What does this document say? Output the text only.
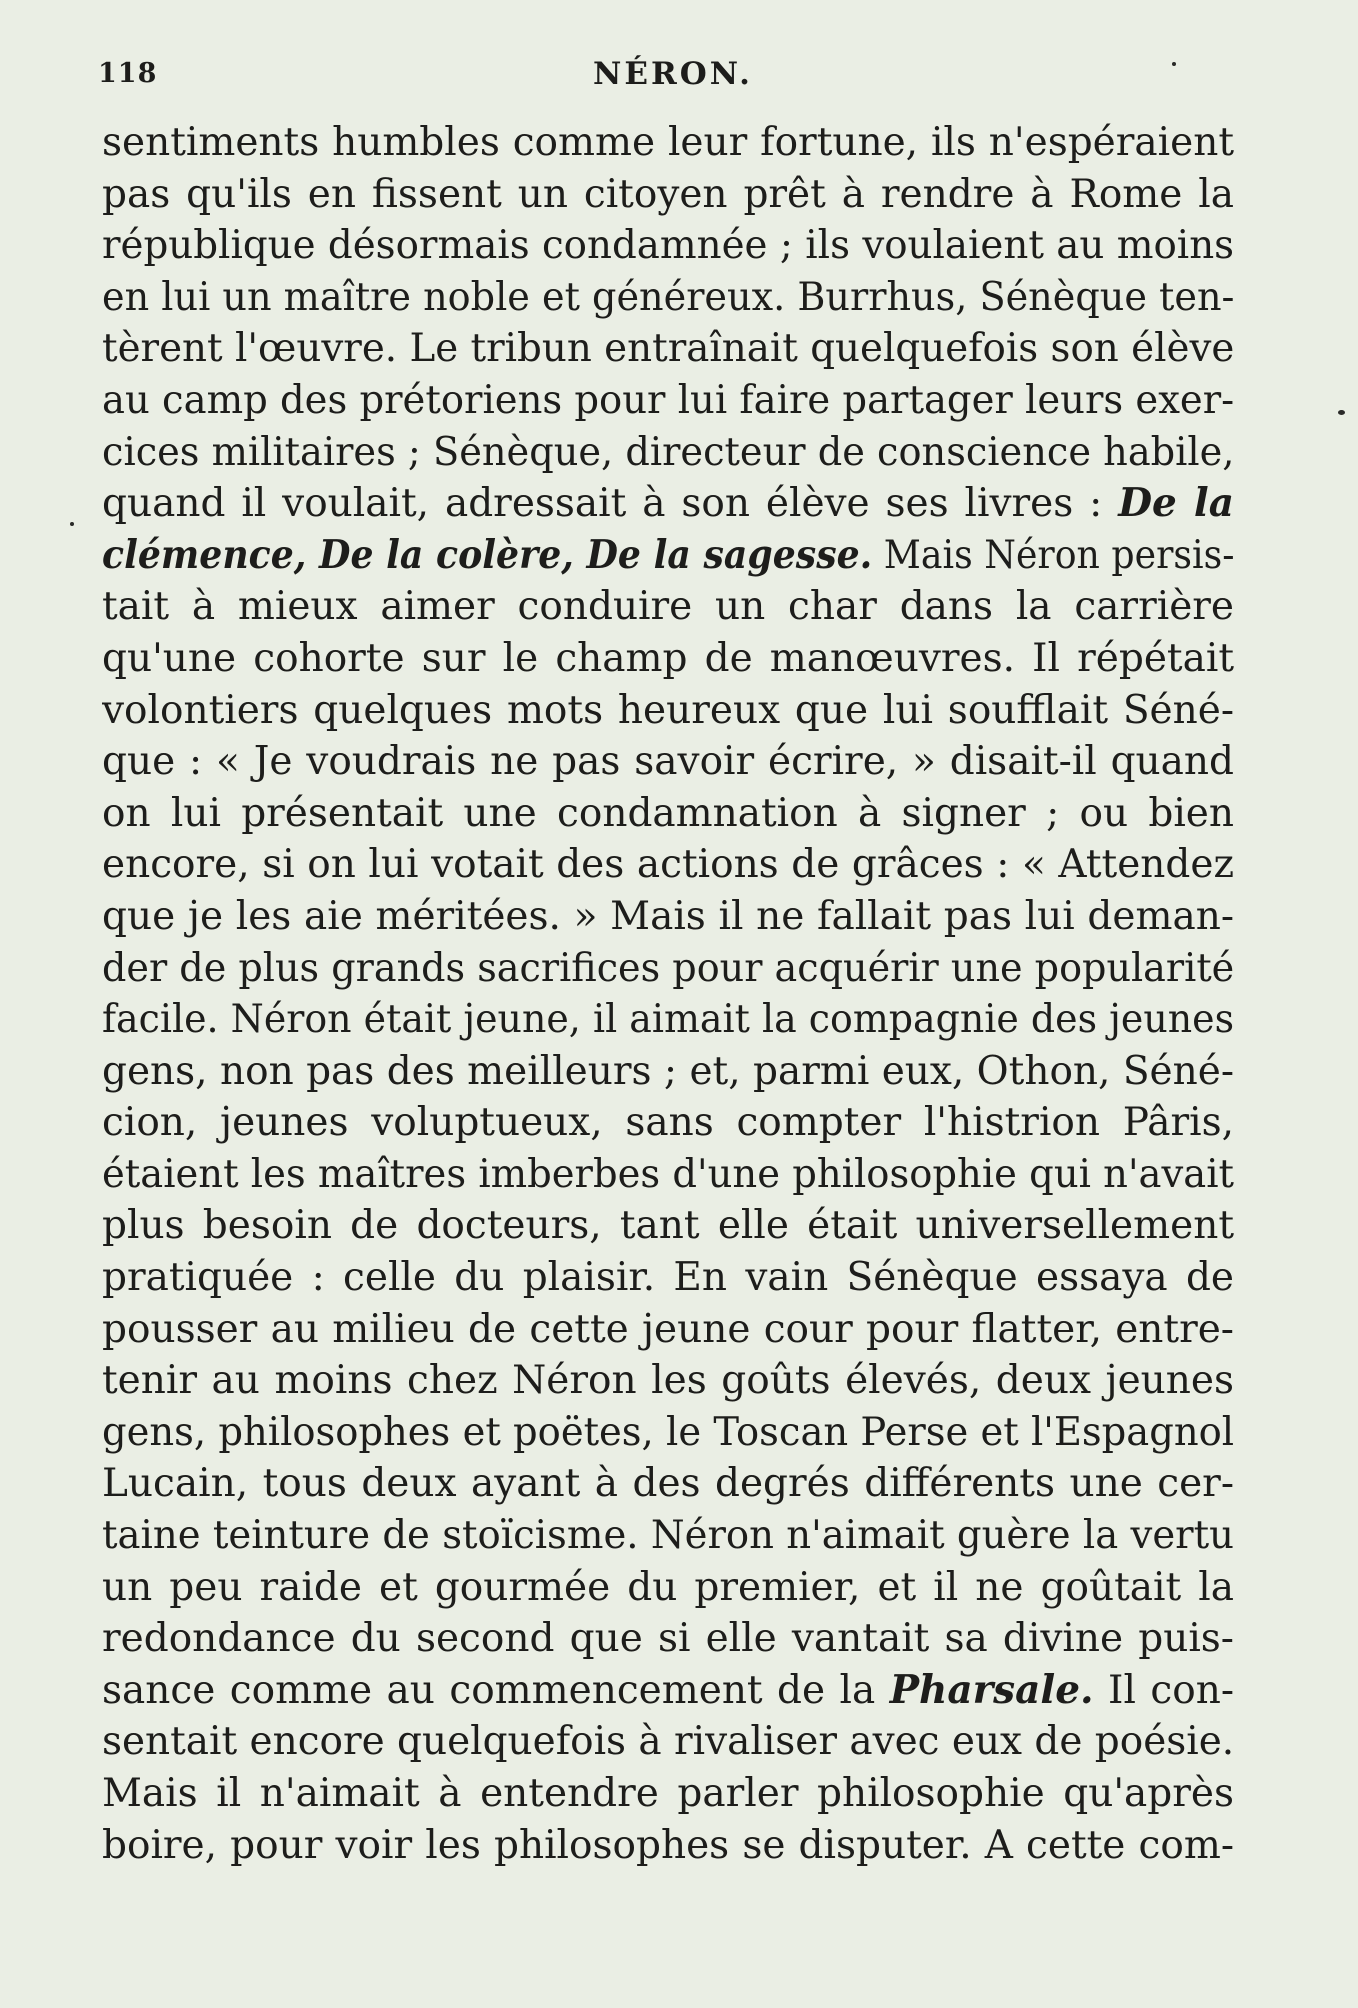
118	NÉRON.
sentiments humbles comme leur fortune, ils n'espéraient
pas qu'ils en fissent un citoyen prêt à rendre à Rome la
république désormais condamnée ; ils voulaient au moins
en lui un maître noble et généreux. Burrhus, Sénèque ten-
tèrent l'œuvre. Le tribun entraînait quelquefois son élève
au camp des prétoriens pour lui faire partager leurs exer-
cices militaires ; Sénèque, directeur de conscience habile,
quand il voulait, adressait à son élève ses livres : De la
clémence, De la colère, De la sagesse. Mais Néron persis-
tait à mieux aimer conduire un char dans la carrière
qu'une cohorte sur le champ de manœuvres. Il répétait
volontiers quelques mots heureux que lui soufflait Séné-
que : « Je voudrais ne pas savoir écrire, » disait-il quand
on lui présentait une condamnation à signer ; ou bien
encore, si on lui votait des actions de grâces : « Attendez
que je les aie méritées. » Mais il ne fallait pas lui deman-
der de plus grands sacrifices pour acquérir une popularité
facile. Néron était jeune, il aimait la compagnie des jeunes
gens, non pas des meilleurs ; et, parmi eux, Othon, Séné-
cion, jeunes voluptueux, sans compter l'histrion Pâris,
étaient les maîtres imberbes d'une philosophie qui n'avait
plus besoin de docteurs, tant elle était universellement
pratiquée : celle du plaisir. En vain Sénèque essaya de
pousser au milieu de cette jeune cour pour flatter, entre-
tenir au moins chez Néron les goûts élevés, deux jeunes
gens, philosophes et poëtes, le Toscan Perse et l'Espagnol
Lucain, tous deux ayant à des degrés différents une cer-
taine teinture de stoïcisme. Néron n'aimait guère la vertu
un peu raide et gourmée du premier, et il ne goûtait la
redondance du second que si elle vantait sa divine puis-
sance comme au commencement de la Pharsale. Il con-
sentait encore quelquefois à rivaliser avec eux de poésie.
Mais il n'aimait à entendre parler philosophie qu'après
boire, pour voir les philosophes se disputer. A cette com-
